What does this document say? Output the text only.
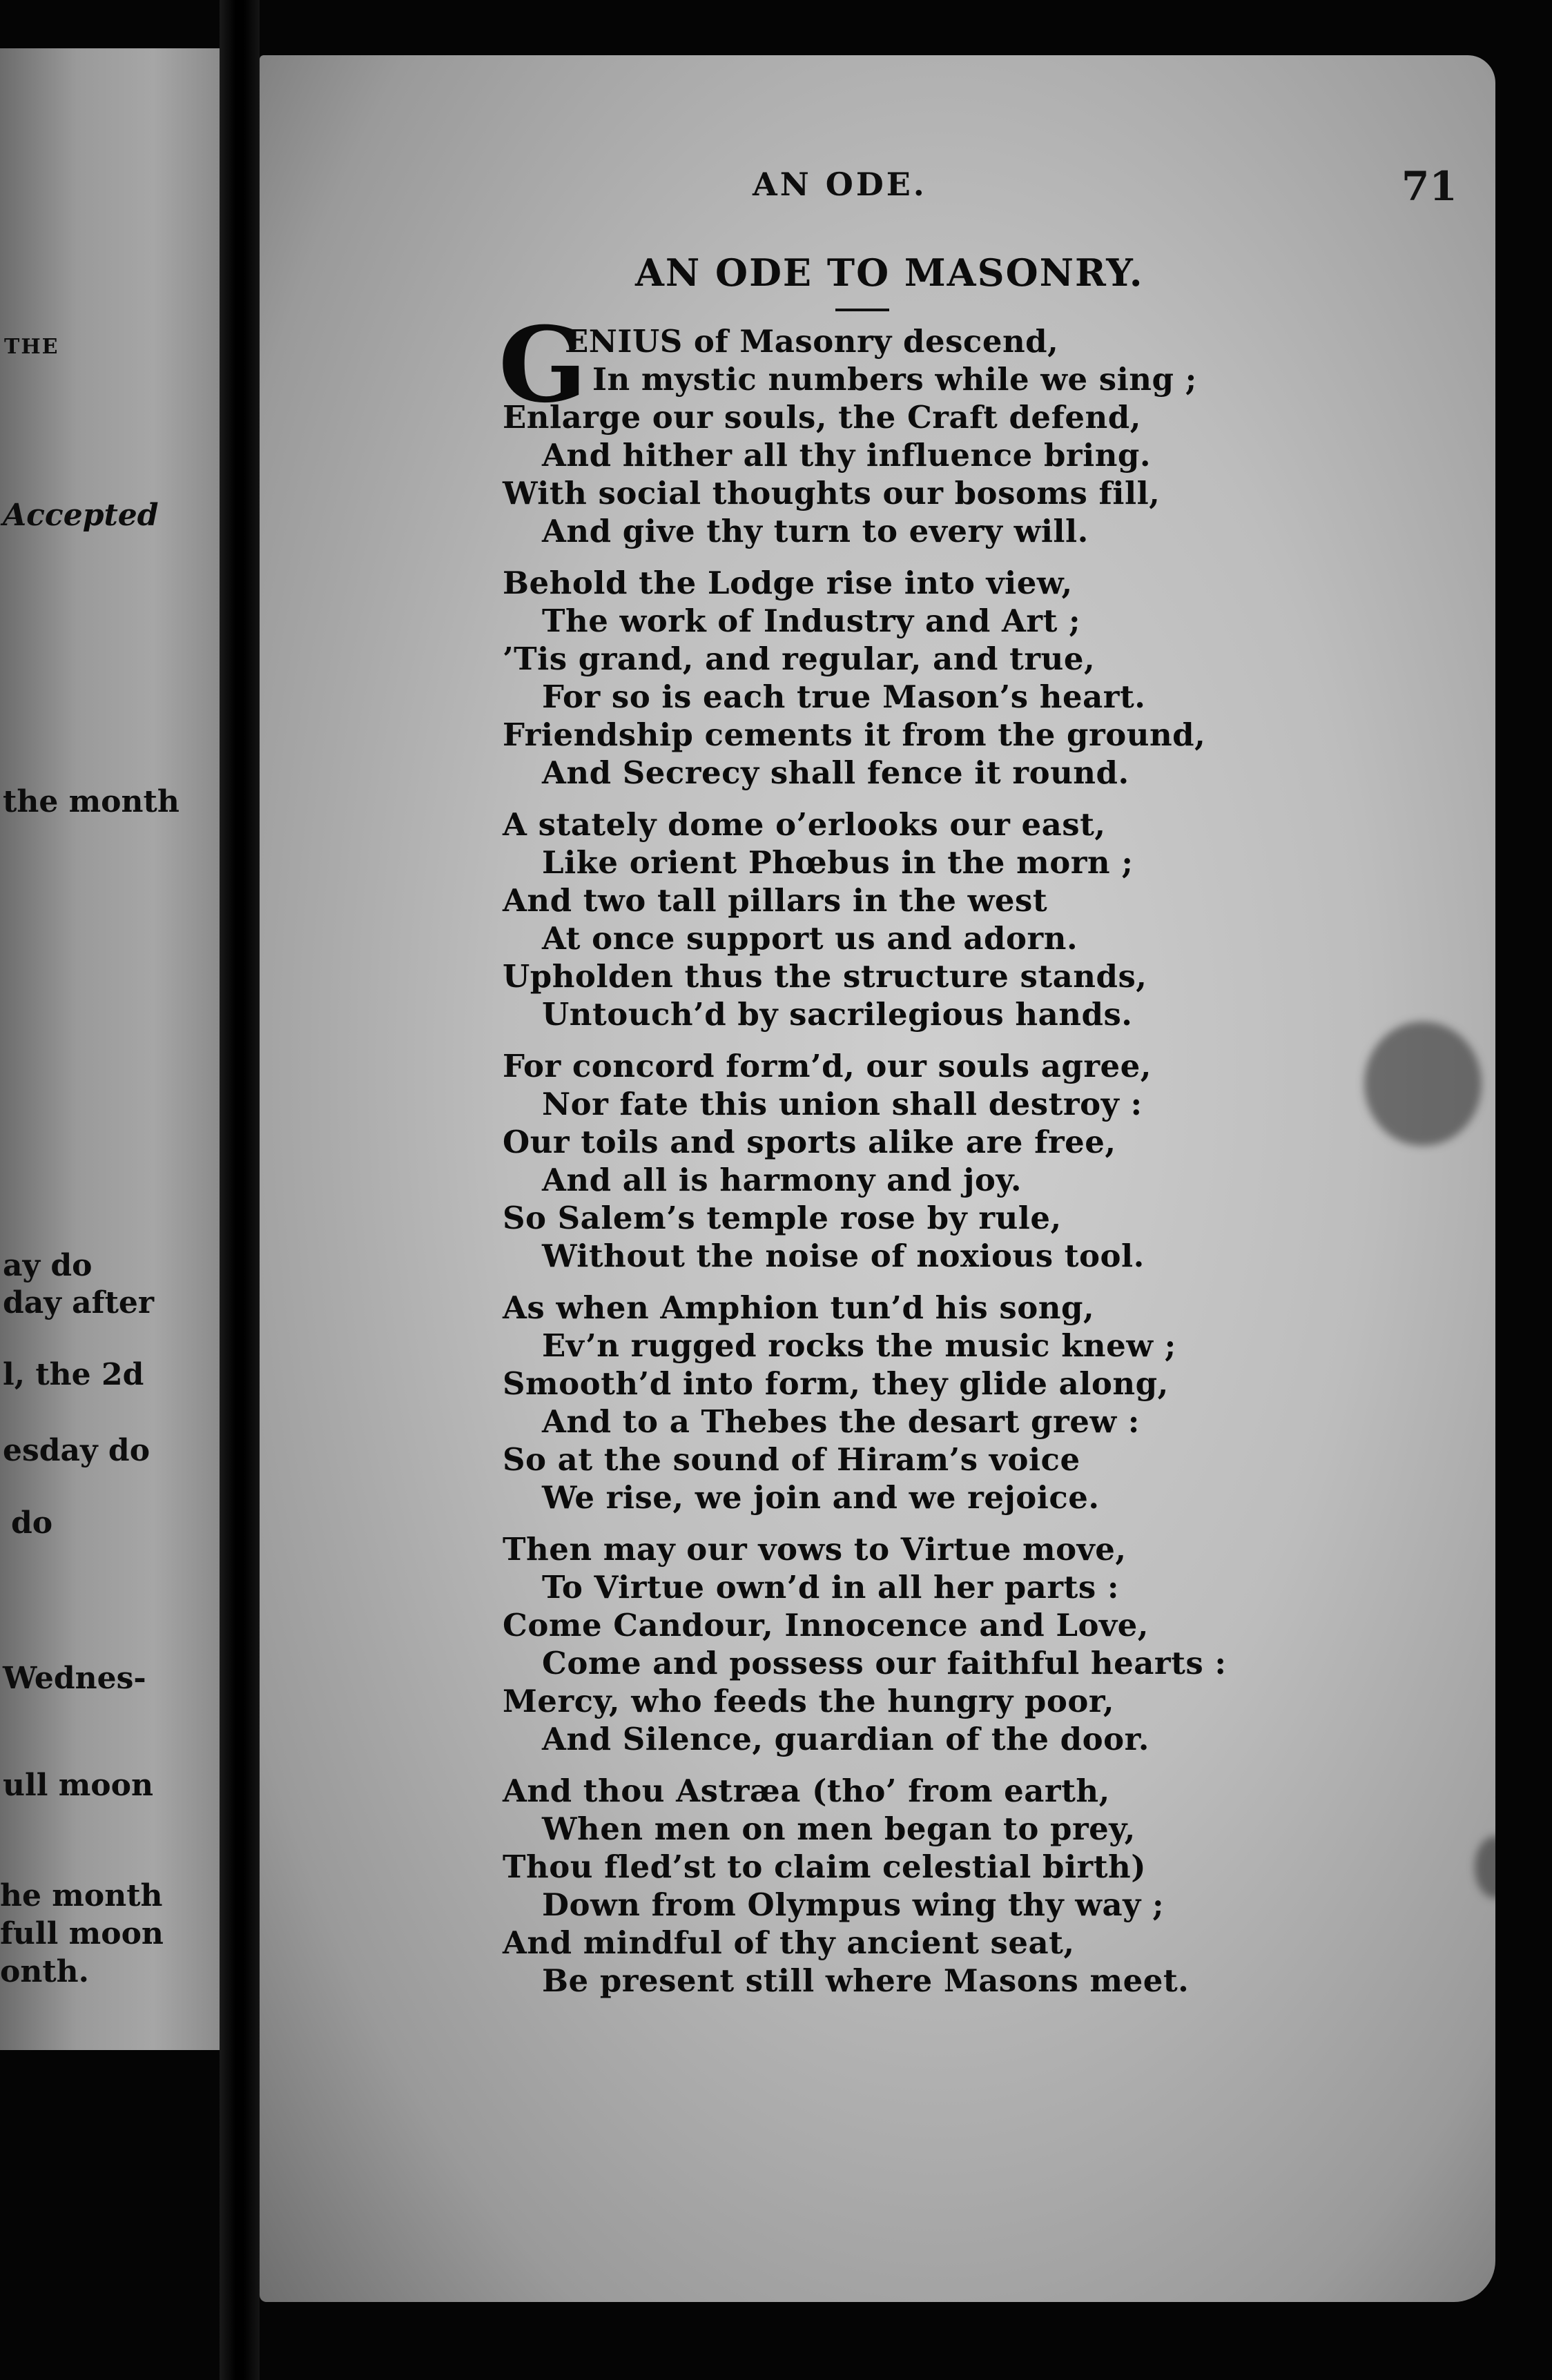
THE
Accepted
the month
ay do
day after
l, the 2d
esday do
do
Wednes-
ull moon
he month
full moon
onth.
AN ODE.	71
AN ODE TO MASONRY.
G
ENIUS of Masonry descend,
In mystic numbers while we sing ;
Enlarge our souls, the Craft defend,
And hither all thy influence bring.
With social thoughts our bosoms fill,
And give thy turn to every will.
Behold the Lodge rise into view,
The work of Industry and Art ;
’Tis grand, and regular, and true,
For so is each true Mason’s heart.
Friendship cements it from the ground,
And Secrecy shall fence it round.
A stately dome o’erlooks our east,
Like orient Phœbus in the morn ;
And two tall pillars in the west
At once support us and adorn.
Upholden thus the structure stands,
Untouch’d by sacrilegious hands.
For concord form’d, our souls agree,
Nor fate this union shall destroy :
Our toils and sports alike are free,
And all is harmony and joy.
So Salem’s temple rose by rule,
Without the noise of noxious tool.
As when Amphion tun’d his song,
Ev’n rugged rocks the music knew ;
Smooth’d into form, they glide along,
And to a Thebes the desart grew :
So at the sound of Hiram’s voice
We rise, we join and we rejoice.
Then may our vows to Virtue move,
To Virtue own’d in all her parts :
Come Candour, Innocence and Love,
Come and possess our faithful hearts :
Mercy, who feeds the hungry poor,
And Silence, guardian of the door.
And thou Astræa (tho’ from earth,
When men on men began to prey,
Thou fled’st to claim celestial birth)
Down from Olympus wing thy way ;
And mindful of thy ancient seat,
Be present still where Masons meet.
